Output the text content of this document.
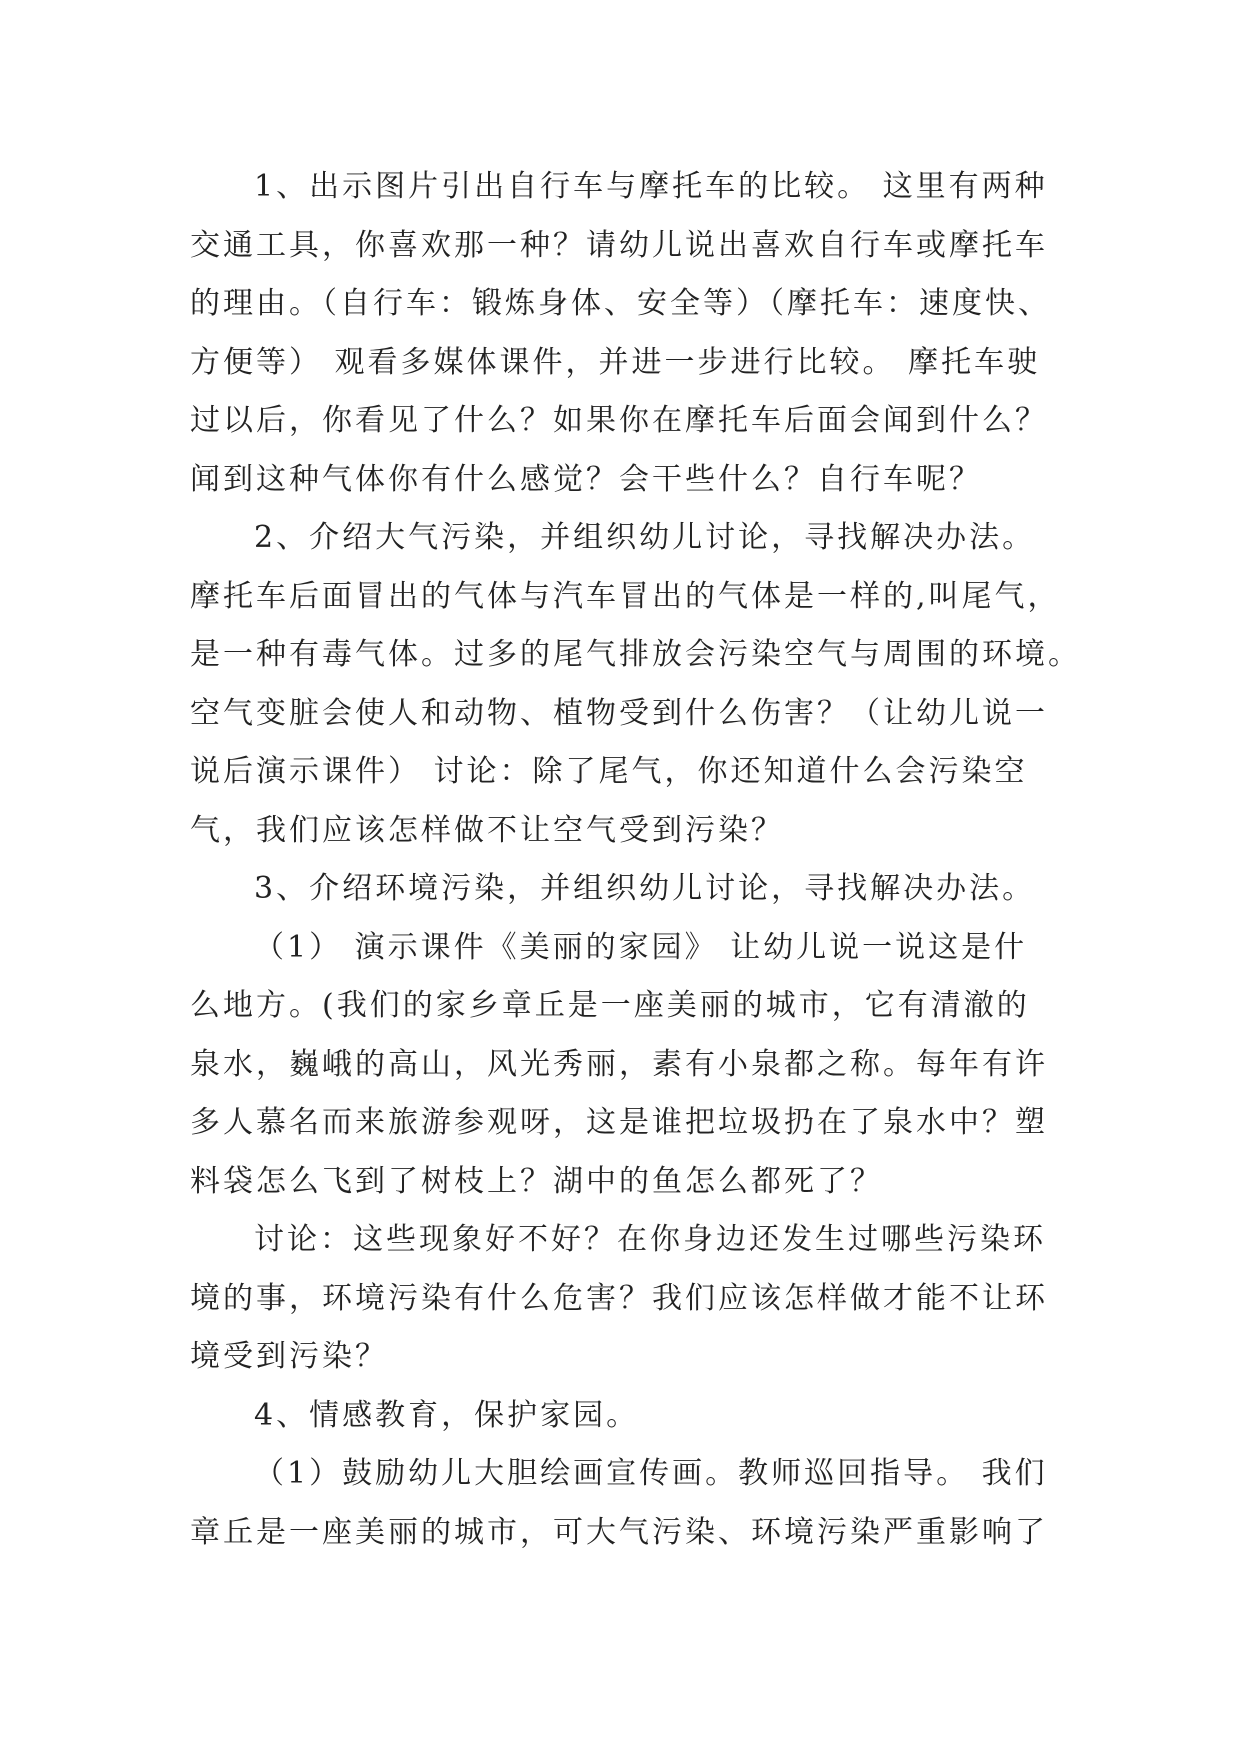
1、出示图片引出自行车与摩托车的比较。 这里有两种
交通工具，你喜欢那一种？请幼儿说出喜欢自行车或摩托车
的理由。（自行车：锻炼身体、安全等）（摩托车：速度快、
方便等） 观看多媒体课件，并进一步进行比较。 摩托车驶
过以后，你看见了什么？如果你在摩托车后面会闻到什么？
闻到这种气体你有什么感觉？会干些什么？自行车呢？
2、介绍大气污染，并组织幼儿讨论，寻找解决办法。
摩托车后面冒出的气体与汽车冒出的气体是一样的,叫尾气，
是一种有毒气体。过多的尾气排放会污染空气与周围的环境。
空气变脏会使人和动物、植物受到什么伤害？（让幼儿说一
说后演示课件） 讨论：除了尾气，你还知道什么会污染空
气，我们应该怎样做不让空气受到污染？
3、介绍环境污染，并组织幼儿讨论，寻找解决办法。
（1） 演示课件《美丽的家园》 让幼儿说一说这是什
么地方。(我们的家乡章丘是一座美丽的城市，它有清澈的
泉水，巍峨的高山，风光秀丽，素有小泉都之称。每年有许
多人慕名而来旅游参观呀，这是谁把垃圾扔在了泉水中？塑
料袋怎么飞到了树枝上？湖中的鱼怎么都死了？
讨论：这些现象好不好？在你身边还发生过哪些污染环
境的事，环境污染有什么危害？我们应该怎样做才能不让环
境受到污染？
4、情感教育，保护家园。
（1）鼓励幼儿大胆绘画宣传画。教师巡回指导。 我们
章丘是一座美丽的城市，可大气污染、环境污染严重影响了
